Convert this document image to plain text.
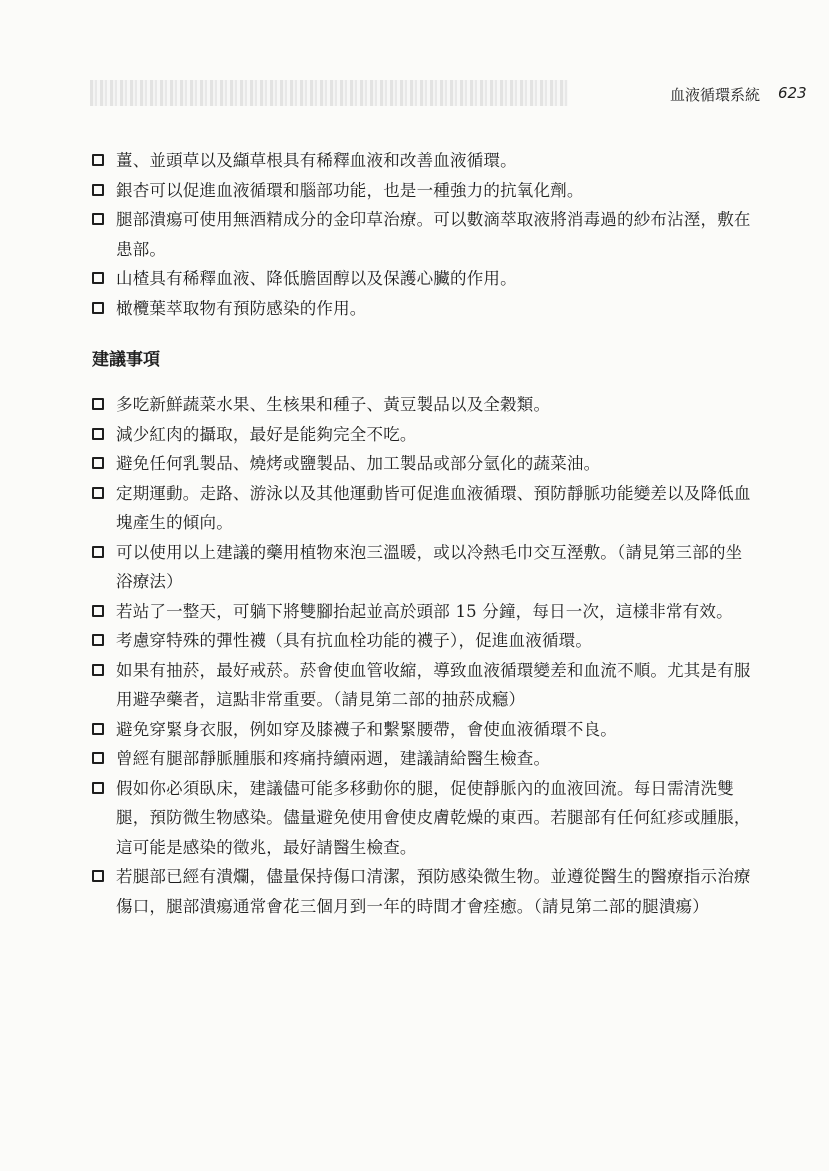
血液循環系統 623
薑、並頭草以及纈草根具有稀釋血液和改善血液循環。
銀杏可以促進血液循環和腦部功能，也是一種強力的抗氧化劑。
腿部潰瘍可使用無酒精成分的金印草治療。可以數滴萃取液將消毒過的紗布沾溼，敷在患部。
山楂具有稀釋血液、降低膽固醇以及保護心臟的作用。
橄欖葉萃取物有預防感染的作用。
建議事項
多吃新鮮蔬菜水果、生核果和種子、黃豆製品以及全穀類。
減少紅肉的攝取，最好是能夠完全不吃。
避免任何乳製品、燒烤或鹽製品、加工製品或部分氫化的蔬菜油。
定期運動。走路、游泳以及其他運動皆可促進血液循環、預防靜脈功能變差以及降低血塊產生的傾向。
可以使用以上建議的藥用植物來泡三溫暖，或以冷熱毛巾交互溼敷。（請見第三部的坐浴療法）
若站了一整天，可躺下將雙腳抬起並高於頭部 15 分鐘，每日一次，這樣非常有效。
考慮穿特殊的彈性襪（具有抗血栓功能的襪子），促進血液循環。
如果有抽菸，最好戒菸。菸會使血管收縮，導致血液循環變差和血流不順。尤其是有服用避孕藥者，這點非常重要。（請見第二部的抽菸成癮）
避免穿緊身衣服，例如穿及膝襪子和繫緊腰帶，會使血液循環不良。
曾經有腿部靜脈腫脹和疼痛持續兩週，建議請給醫生檢查。
假如你必須臥床，建議儘可能多移動你的腿，促使靜脈內的血液回流。每日需清洗雙腿，預防微生物感染。儘量避免使用會使皮膚乾燥的東西。若腿部有任何紅疹或腫脹，這可能是感染的徵兆，最好請醫生檢查。
若腿部已經有潰爛，儘量保持傷口清潔，預防感染微生物。並遵從醫生的醫療指示治療傷口，腿部潰瘍通常會花三個月到一年的時間才會痊癒。（請見第二部的腿潰瘍）
